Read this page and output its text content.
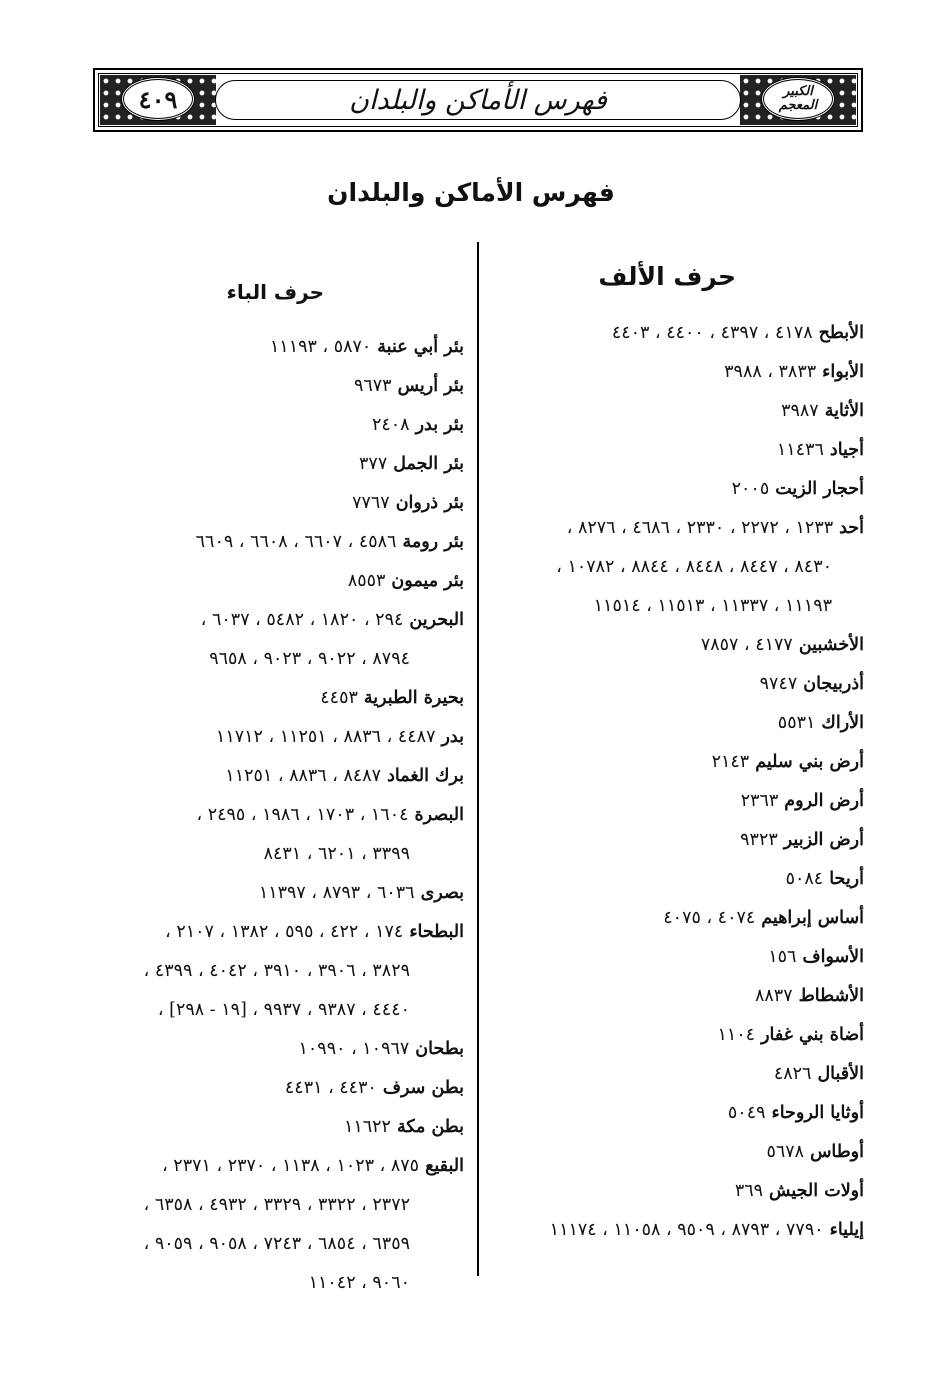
الكبير المعجم
٤٠٩	فهرس الأماكن والبلدان
فهرس الأماكن والبلدان
حرف الألف
الأبطح٤١٧٨ ، ٤٣٩٧ ، ٤٤٠٠ ، ٤٤٠٣
الأبواء٣٨٣٣ ، ٣٩٨٨
الأثاية٣٩٨٧
أجياد١١٤٣٦
أحجار الزيت٢٠٠٥
أحد١٢٣٣ ، ٢٢٧٢ ، ٢٣٣٠ ، ٤٦٨٦ ، ٨٢٧٦ ،
٨٤٣٠ ، ٨٤٤٧ ، ٨٤٤٨ ، ٨٨٤٤ ، ١٠٧٨٢ ،
١١١٩٣ ، ١١٣٣٧ ، ١١٥١٣ ، ١١٥١٤
الأخشبين٤١٧٧ ، ٧٨٥٧
أذربيجان٩٧٤٧
الأراك٥٥٣١
أرض بني سليم٢١٤٣
أرض الروم٢٣٦٣
أرض الزبير٩٣٢٣
أريحا٥٠٨٤
أساس إبراهيم٤٠٧٤ ، ٤٠٧٥
الأسواف١٥٦
الأشطاط٨٨٣٧
أضاة بني غفار١١٠٤
الأقبال٤٨٢٦
أوثايا الروحاء٥٠٤٩
أوطاس٥٦٧٨
أولات الجيش٣٦٩
إيلياء٧٧٩٠ ، ٨٧٩٣ ، ٩٥٠٩ ، ١١٠٥٨ ، ١١١٧٤
حرف الباء
بئر أبي عنبة٥٨٧٠ ، ١١١٩٣
بئر أريس٩٦٧٣
بئر بدر٢٤٠٨
بئر الجمل٣٧٧
بئر ذروان٧٧٦٧
بئر رومة٤٥٨٦ ، ٦٦٠٧ ، ٦٦٠٨ ، ٦٦٠٩
بئر ميمون٨٥٥٣
البحرين٢٩٤ ، ١٨٢٠ ، ٥٤٨٢ ، ٦٠٣٧ ،
٨٧٩٤ ، ٩٠٢٢ ، ٩٠٢٣ ، ٩٦٥٨
بحيرة الطبرية٤٤٥٣
بدر٤٤٨٧ ، ٨٨٣٦ ، ١١٢٥١ ، ١١٧١٢
برك الغماد٨٤٨٧ ، ٨٨٣٦ ، ١١٢٥١
البصرة١٦٠٤ ، ١٧٠٣ ، ١٩٨٦ ، ٢٤٩٥ ،
٣٣٩٩ ، ٦٢٠١ ، ٨٤٣١
بصرى٦٠٣٦ ، ٨٧٩٣ ، ١١٣٩٧
البطحاء١٧٤ ، ٤٢٢ ، ٥٩٥ ، ١٣٨٢ ، ٢١٠٧ ،
٣٨٢٩ ، ٣٩٠٦ ، ٣٩١٠ ، ٤٠٤٢ ، ٤٣٩٩ ،
٤٤٤٠ ، ٩٣٨٧ ، ٩٩٣٧ ، [١٩ - ٢٩٨] ،
بطحان١٠٩٦٧ ، ١٠٩٩٠
بطن سرف٤٤٣٠ ، ٤٤٣١
بطن مكة١١٦٢٢
البقيع٨٧٥ ، ١٠٢٣ ، ١١٣٨ ، ٢٣٧٠ ، ٢٣٧١ ،
٢٣٧٢ ، ٣٣٢٢ ، ٣٣٢٩ ، ٤٩٣٢ ، ٦٣٥٨ ،
٦٣٥٩ ، ٦٨٥٤ ، ٧٢٤٣ ، ٩٠٥٨ ، ٩٠٥٩ ،
٩٠٦٠ ، ١١٠٤٢
